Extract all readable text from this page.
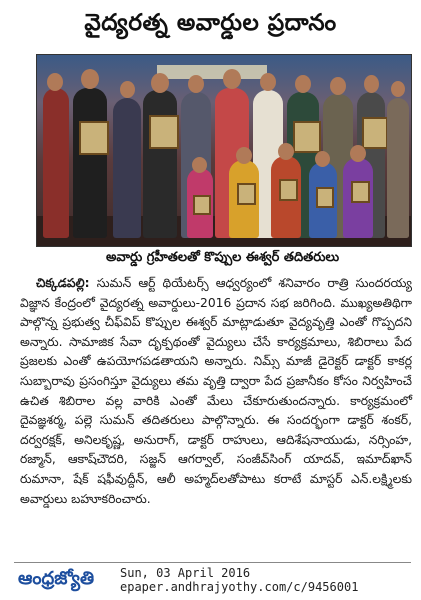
వైద్యరత్న అవార్డుల ప్రదానం
అవార్డు గ్రహీతలతో కొప్పుల ఈశ్వర్ తదితరులు
చిక్కడపల్లి: సుమన్ ఆర్ట్ థియేటర్స్ ఆధ్వర్యంలో శనివారం రాత్రి సుందరయ్య విజ్ఞాన కేంద్రంలో వైద్యరత్న అవార్డులు-2016 ప్రదాన సభ జరిగింది. ముఖ్యఅతిథిగా పాల్గొన్న ప్రభుత్వ చీఫ్‌విప్ కొప్పుల ఈశ్వర్ మాట్లాడుతూ వైద్యవృత్తి ఎంతో గొప్పదని అన్నారు. సామాజిక సేవా దృక్పథంతో వైద్యులు చేసే కార్యక్రమాలు, శిబిరాలు పేద ప్రజలకు ఎంతో ఉపయోగపడతాయని అన్నారు. నిమ్స్ మాజీ డైరెక్టర్ డాక్టర్ కాకర్ల సుబ్బారావు ప్రసంగిస్తూ వైద్యులు తమ వృత్తి ద్వారా పేద ప్రజానీకం కోసం నిర్వహించే ఉచిత శిబిరాల వల్ల వారికి ఎంతో మేలు చేకూరుతుందన్నారు. కార్యక్రమంలో దైవజ్ఞశర్మ, పల్లె సుమన్ తదితరులు పాల్గొన్నారు. ఈ సందర్భంగా డాక్టర్ శంకర్, దర్వరక్షక్, అనిలకృష్ణ, అనురాగ్, డాక్టర్ రాహులు, ఆదిశేషనాయుడు, నర్సింహ, రజ్మాన్, ఆకాష్‌చౌదరి, సజ్జన్ ఆగర్వాల్, సంజీవ్‌సింగ్ యాదవ్, ఇమాద్‌ఖాన్ రుమానా, షేక్ షఫీవుద్దీన్, ఆలీ అహ్మద్‌లతోపాటు కరాటే మాస్టర్ ఎన్.లక్ష్మిలకు అవార్డులు బహూకరించారు.
ఆంధ్రజ్యోతి Sun, 03 April 2016
epaper.andhrajyothy.com/c/9456001
